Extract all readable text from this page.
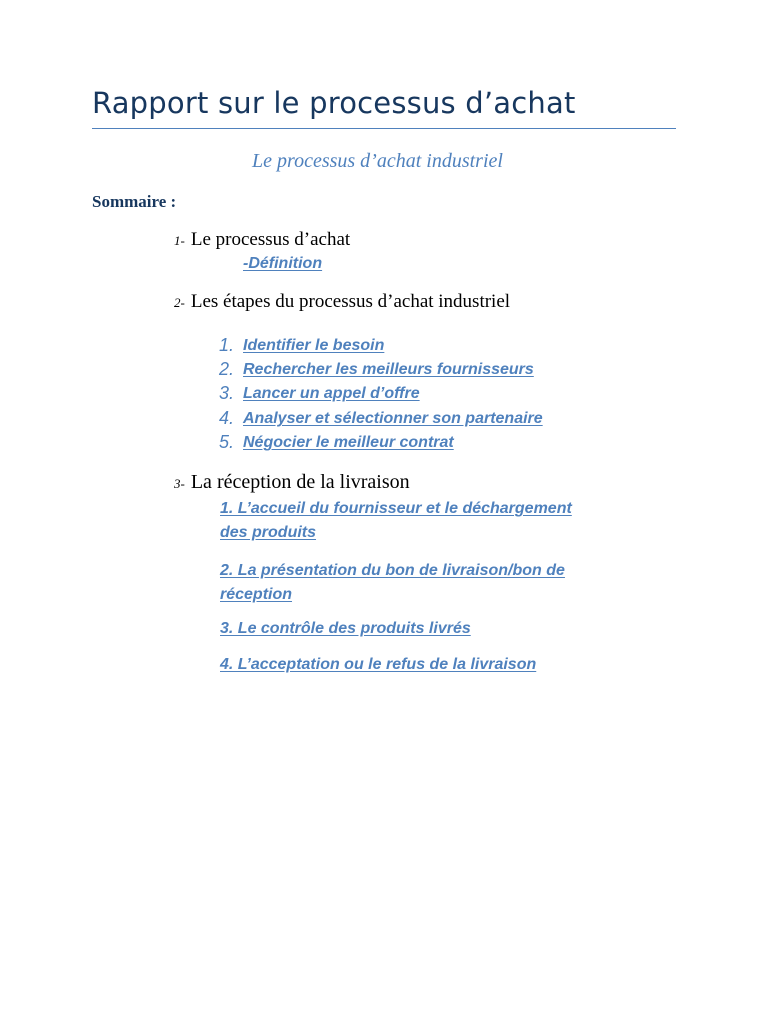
Rapport sur le processus d’achat
Le processus d’achat industriel
Sommaire :
1- Le processus d’achat
-Définition
2- Les étapes du processus d’achat industriel
1. Identifier le besoin
2. Rechercher les meilleurs fournisseurs
3. Lancer un appel d’offre
4. Analyser et sélectionner son partenaire
5. Négocier le meilleur contrat
3- La réception de la livraison
1. L’accueil du fournisseur et le déchargement
des produits
2. La présentation du bon de livraison/bon de
réception
3. Le contrôle des produits livrés
4. L’acceptation ou le refus de la livraison
